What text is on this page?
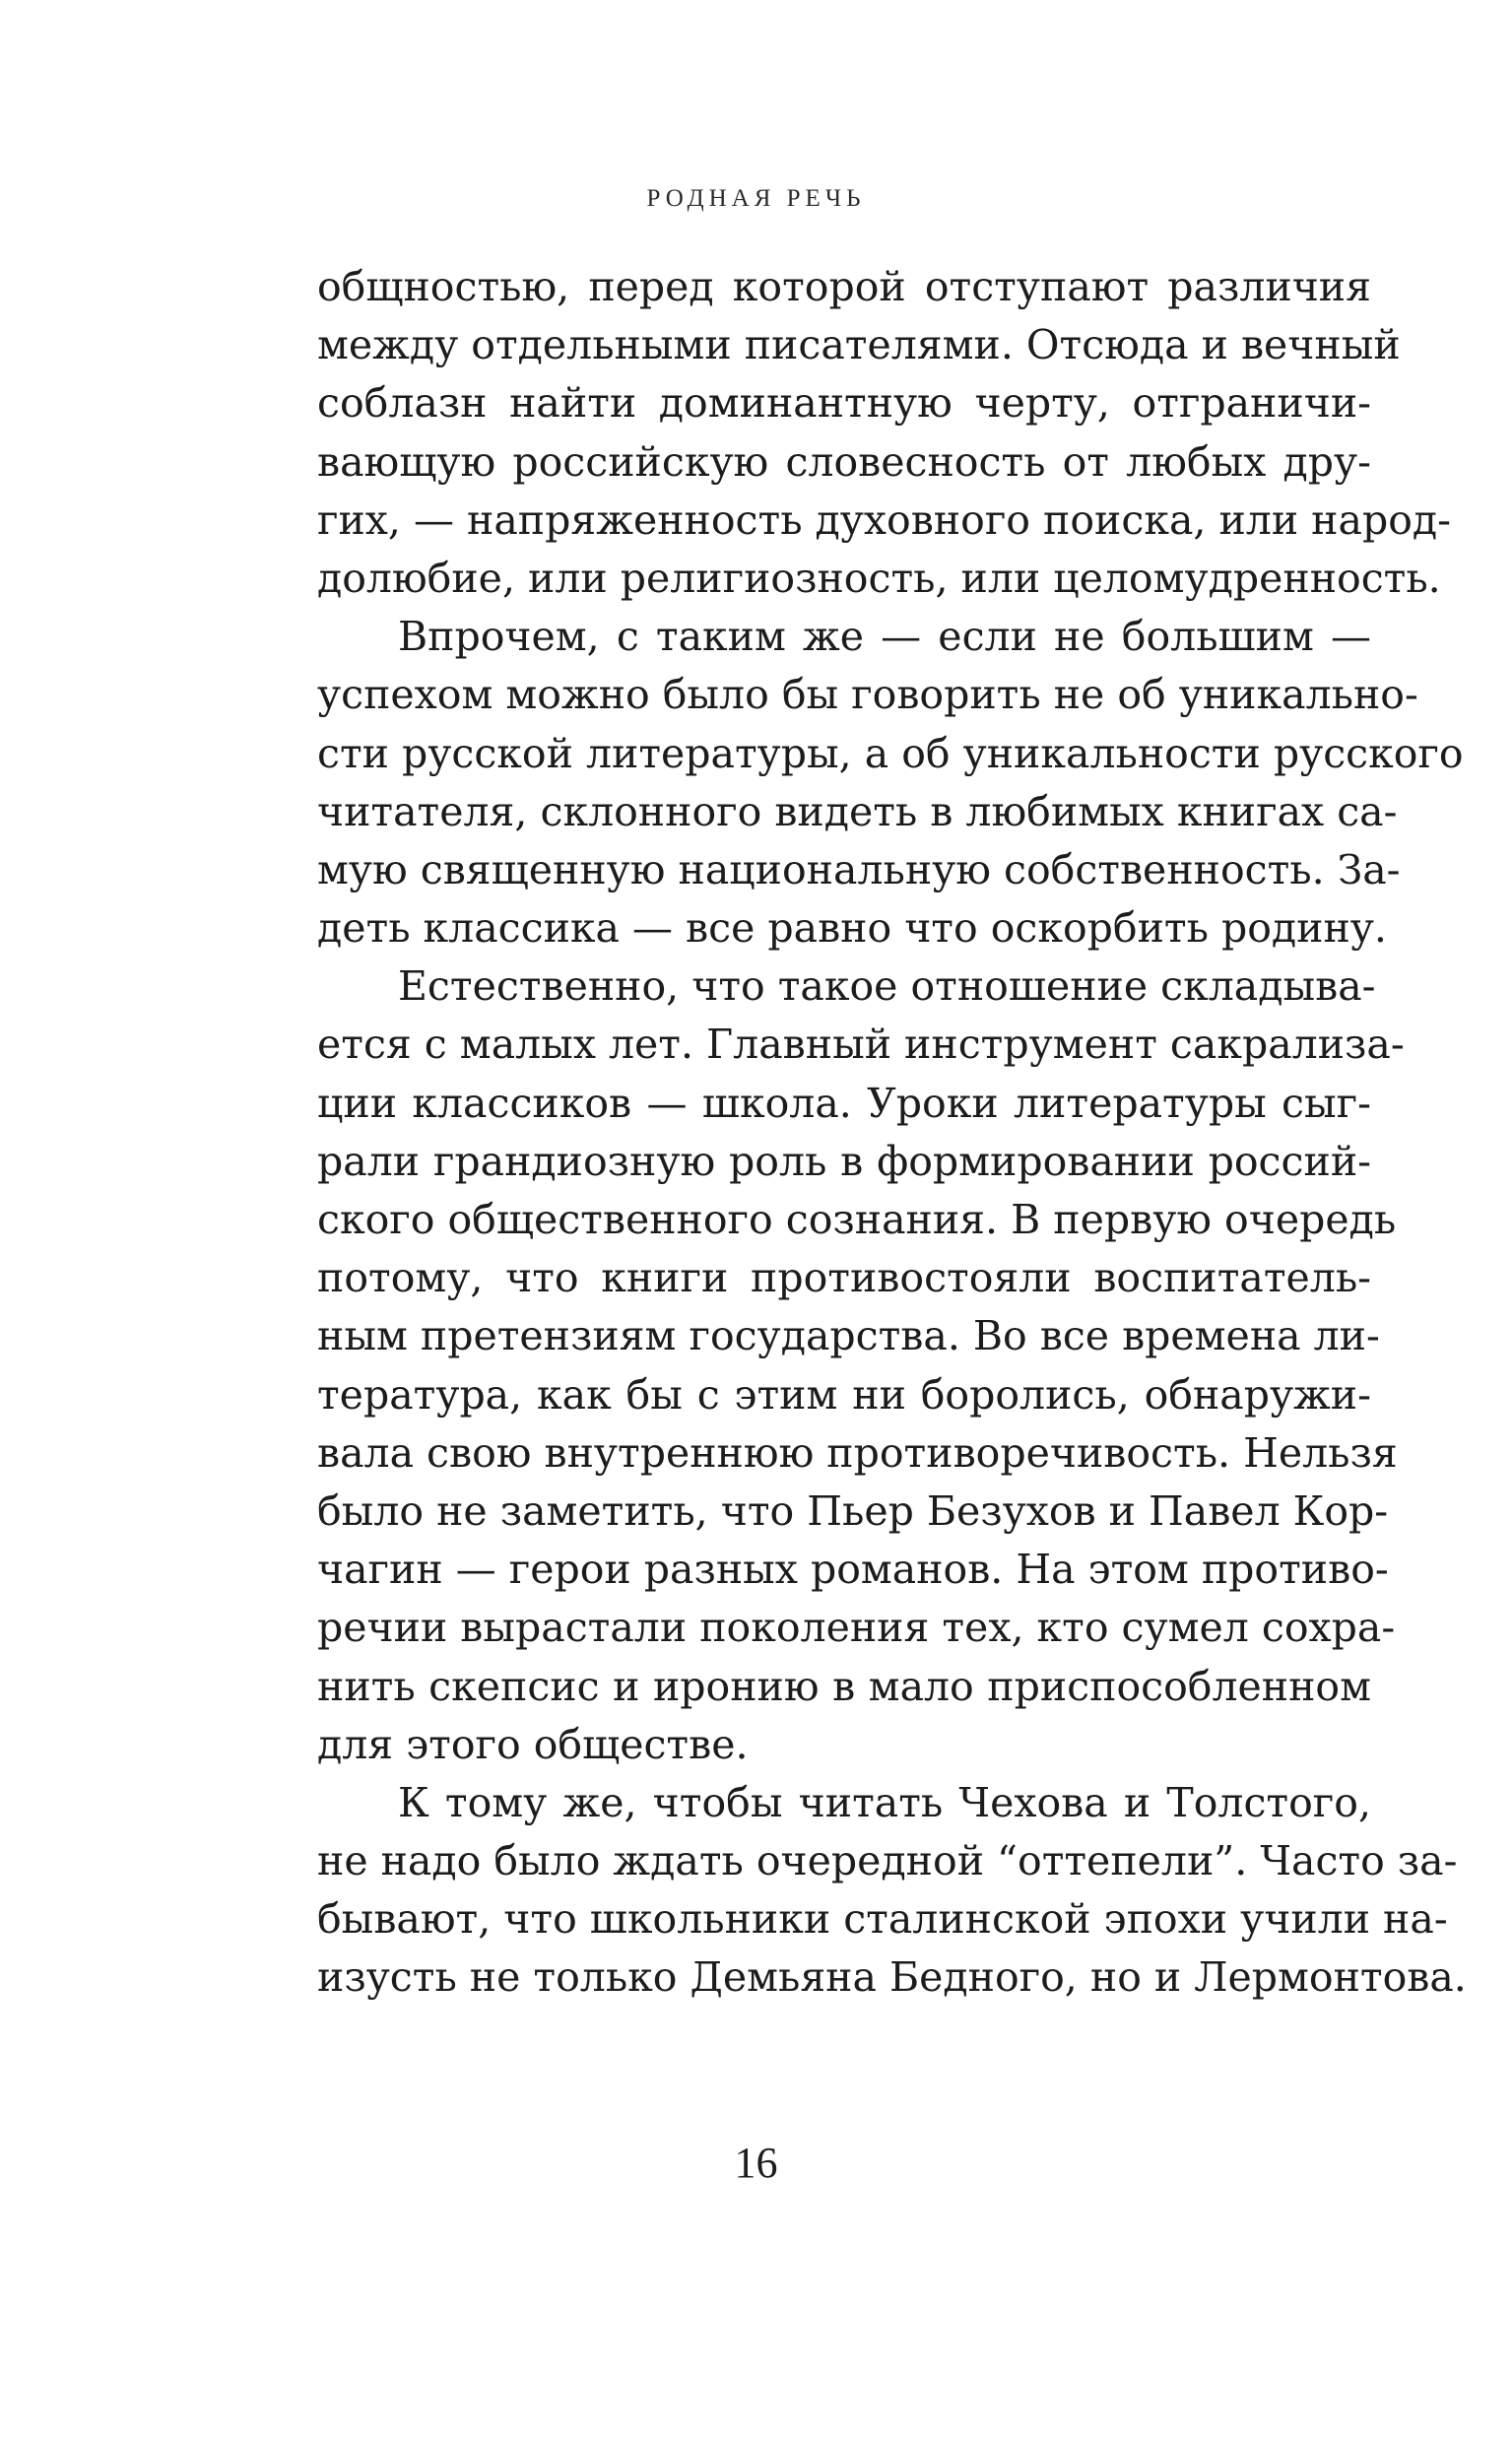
РОДНАЯ РЕЧЬ
общностью, перед которой отступают различия
между отдельными писателями. Отсюда и вечный
соблазн найти доминантную черту, отграничи-
вающую российскую словесность от любых дру-
гих, — напряженность духовного поиска, или народ-
долюбие, или религиозность, или целомудренность.
Впрочем, с таким же — если не большим —
успехом можно было бы говорить не об уникально-
сти русской литературы, а об уникальности русского
читателя, склонного видеть в любимых книгах са-
мую священную национальную собственность. За-
деть классика — все равно что оскорбить родину.
Естественно, что такое отношение складыва-
ется с малых лет. Главный инструмент сакрализа-
ции классиков — школа. Уроки литературы сыг-
рали грандиозную роль в формировании россий-
ского общественного сознания. В первую очередь
потому, что книги противостояли воспитатель-
ным претензиям государства. Во все времена ли-
тература, как бы с этим ни боролись, обнаружи-
вала свою внутреннюю противоречивость. Нельзя
было не заметить, что Пьер Безухов и Павел Кор-
чагин — герои разных романов. На этом противо-
речии вырастали поколения тех, кто сумел сохра-
нить скепсис и иронию в мало приспособленном
для этого обществе.
К тому же, чтобы читать Чехова и Толстого,
не надо было ждать очередной “оттепели”. Часто за-
бывают, что школьники сталинской эпохи учили на-
изусть не только Демьяна Бедного, но и Лермонтова.
16
